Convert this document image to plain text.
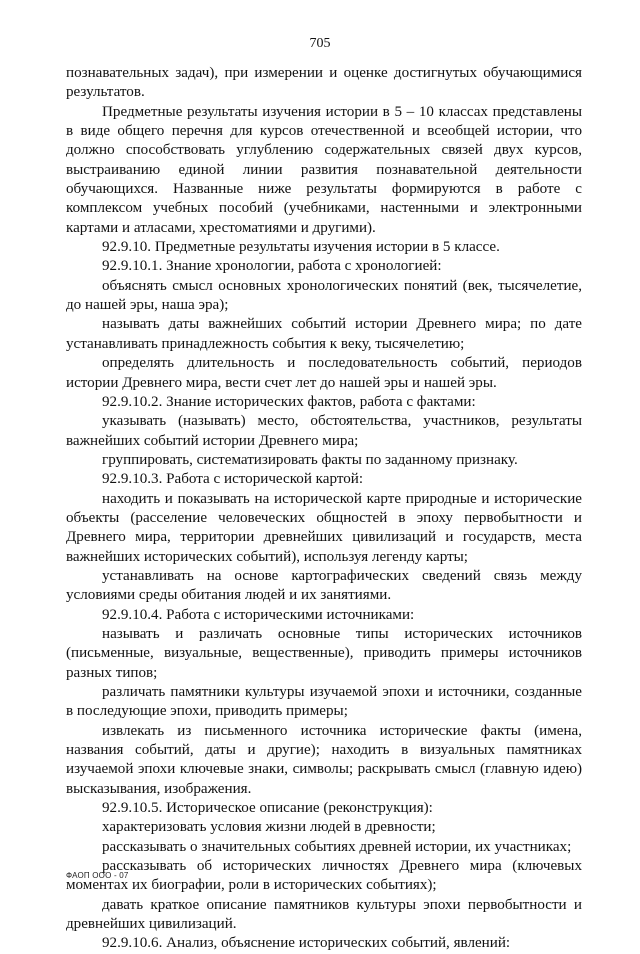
705

познавательных задач), при измерении и оценке достигнутых обучающимися результатов.

Предметные результаты изучения истории в 5 – 10 классах представлены в виде общего перечня для курсов отечественной и всеобщей истории, что должно способствовать углублению содержательных связей двух курсов, выстраиванию единой линии развития познавательной деятельности обучающихся. Названные ниже результаты формируются в работе с комплексом учебных пособий (учебниками, настенными и электронными картами и атласами, хрестоматиями и другими).

92.9.10. Предметные результаты изучения истории в 5 классе.

92.9.10.1. Знание хронологии, работа с хронологией:

объяснять смысл основных хронологических понятий (век, тысячелетие, до нашей эры, наша эра);

называть даты важнейших событий истории Древнего мира; по дате устанавливать принадлежность события к веку, тысячелетию;

определять длительность и последовательность событий, периодов истории Древнего мира, вести счет лет до нашей эры и нашей эры.

92.9.10.2. Знание исторических фактов, работа с фактами:

указывать (называть) место, обстоятельства, участников, результаты важнейших событий истории Древнего мира;

группировать, систематизировать факты по заданному признаку.

92.9.10.3. Работа с исторической картой:

находить и показывать на исторической карте природные и исторические объекты (расселение человеческих общностей в эпоху первобытности и Древнего мира, территории древнейших цивилизаций и государств, места важнейших исторических событий), используя легенду карты;

устанавливать на основе картографических сведений связь между условиями среды обитания людей и их занятиями.

92.9.10.4. Работа с историческими источниками:

называть и различать основные типы исторических источников (письменные, визуальные, вещественные), приводить примеры источников разных типов;

различать памятники культуры изучаемой эпохи и источники, созданные в последующие эпохи, приводить примеры;

извлекать из письменного источника исторические факты (имена, названия событий, даты и другие); находить в визуальных памятниках изучаемой эпохи ключевые знаки, символы; раскрывать смысл (главную идею) высказывания, изображения.

92.9.10.5. Историческое описание (реконструкция):

характеризовать условия жизни людей в древности;

рассказывать о значительных событиях древней истории, их участниках;

рассказывать об исторических личностях Древнего мира (ключевых моментах их биографии, роли в исторических событиях);

давать краткое описание памятников культуры эпохи первобытности и древнейших цивилизаций.

92.9.10.6. Анализ, объяснение исторических событий, явлений:

ФАОП ООО - 07
